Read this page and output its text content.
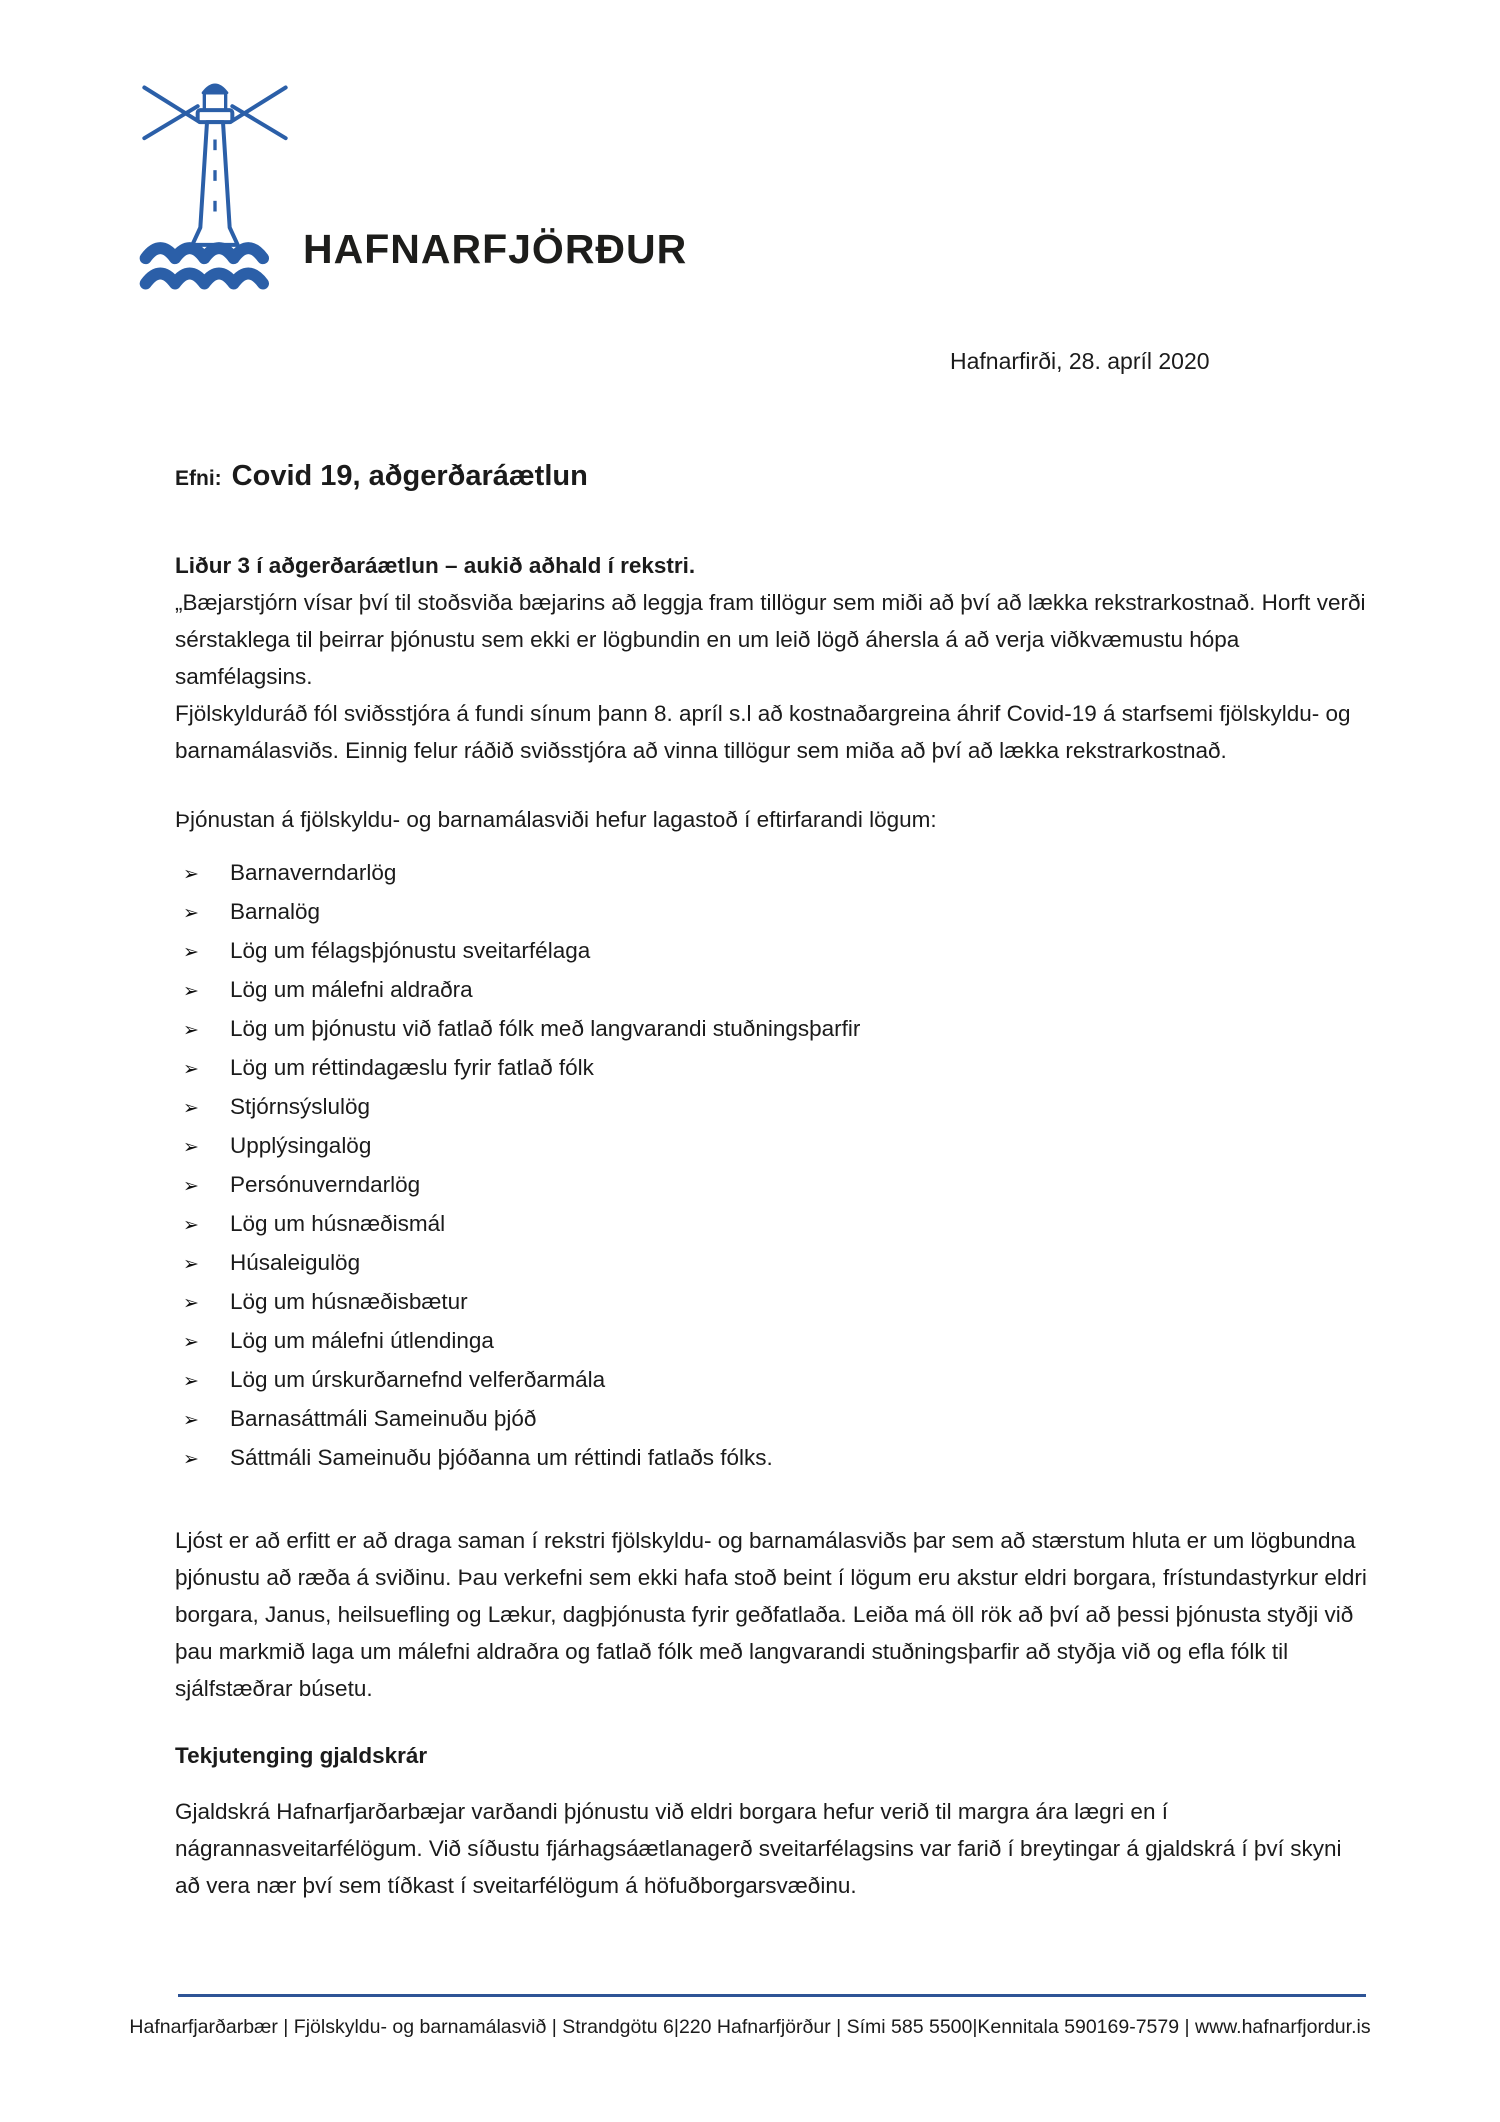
HAFNARFJÖRÐUR
Hafnarfirði, 28. apríl 2020
Efni: Covid 19, aðgerðaráætlun

Liður 3 í aðgerðaráætlun – aukið aðhald í rekstri.

„Bæjarstjórn vísar því til stoðsviða bæjarins að leggja fram tillögur sem miði að því að lækka rekstrarkostnað. Horft verði sérstaklega til þeirrar þjónustu sem ekki er lögbundin en um leið lögð áhersla á að verja viðkvæmustu hópa samfélagsins.

Fjölskylduráð fól sviðsstjóra á fundi sínum þann 8. apríl s.l að kostnaðargreina áhrif Covid-19 á starfsemi fjölskyldu- og barnamálasviðs. Einnig felur ráðið sviðsstjóra að vinna tillögur sem miða að því að lækka rekstrarkostnað.

Þjónustan á fjölskyldu- og barnamálasviði hefur lagastoð í eftirfarandi lögum:

➢	Barnaverndarlög
➢	Barnalög
➢	Lög um félagsþjónustu sveitarfélaga
➢	Lög um málefni aldraðra
➢	Lög um þjónustu við fatlað fólk með langvarandi stuðningsþarfir
➢	Lög um réttindagæslu fyrir fatlað fólk
➢	Stjórnsýslulög
➢	Upplýsingalög
➢	Persónuverndarlög
➢	Lög um húsnæðismál
➢	Húsaleigulög
➢	Lög um húsnæðisbætur
➢	Lög um málefni útlendinga
➢	Lög um úrskurðarnefnd velferðarmála
➢	Barnasáttmáli Sameinuðu þjóð
➢	Sáttmáli Sameinuðu þjóðanna um réttindi fatlaðs fólks.

Ljóst er að erfitt er að draga saman í rekstri fjölskyldu- og barnamálasviðs þar sem að stærstum hluta er um lögbundna þjónustu að ræða á sviðinu. Þau verkefni sem ekki hafa stoð beint í lögum eru akstur eldri borgara, frístundastyrkur eldri borgara, Janus, heilsuefling og Lækur, dagþjónusta fyrir geðfatlaða. Leiða má öll rök að því að þessi þjónusta styðji við þau markmið laga um málefni aldraðra og fatlað fólk með langvarandi stuðningsþarfir að styðja við og efla fólk til sjálfstæðrar búsetu.

Tekjutenging gjaldskrár

Gjaldskrá Hafnarfjarðarbæjar varðandi þjónustu við eldri borgara hefur verið til margra ára lægri en í nágrannasveitarfélögum. Við síðustu fjárhagsáætlanagerð sveitarfélagsins var farið í breytingar á gjaldskrá í því skyni að vera nær því sem tíðkast í sveitarfélögum á höfuðborgarsvæðinu.

Hafnarfjarðarbær | Fjölskyldu- og barnamálasvið | Strandgötu 6|220 Hafnarfjörður | Sími 585 5500|Kennitala 590169-7579 | www.hafnarfjordur.is
